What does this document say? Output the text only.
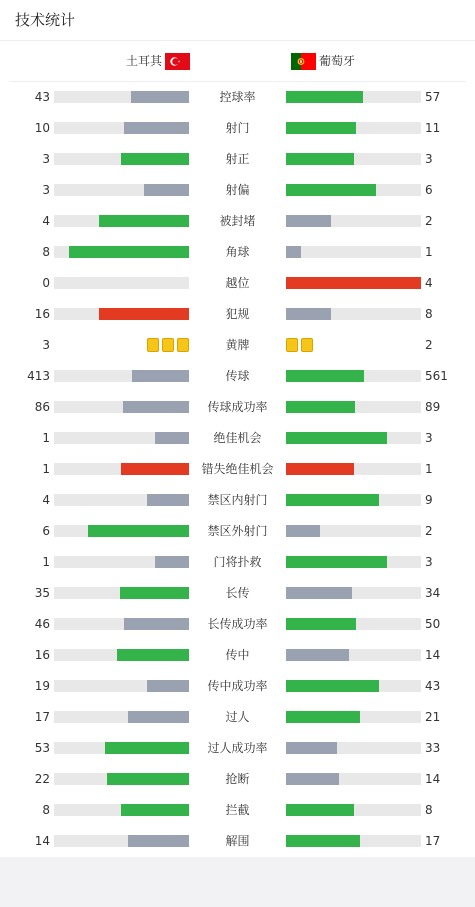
技术统计
土耳其	葡萄牙
43	控球率	57
10	射门	11
3	射正	3
3	射偏	6
4	被封堵	2
8	角球	1
0	越位	4
16	犯规	8
3	黄牌	2
413	传球	561
86	传球成功率	89
1	绝佳机会	3
1	错失绝佳机会	1
4	禁区内射门	9
6	禁区外射门	2
1	门将扑救	3
35	长传	34
46	长传成功率	50
16	传中	14
19	传中成功率	43
17	过人	21
53	过人成功率	33
22	抢断	14
8	拦截	8
14	解围	17
